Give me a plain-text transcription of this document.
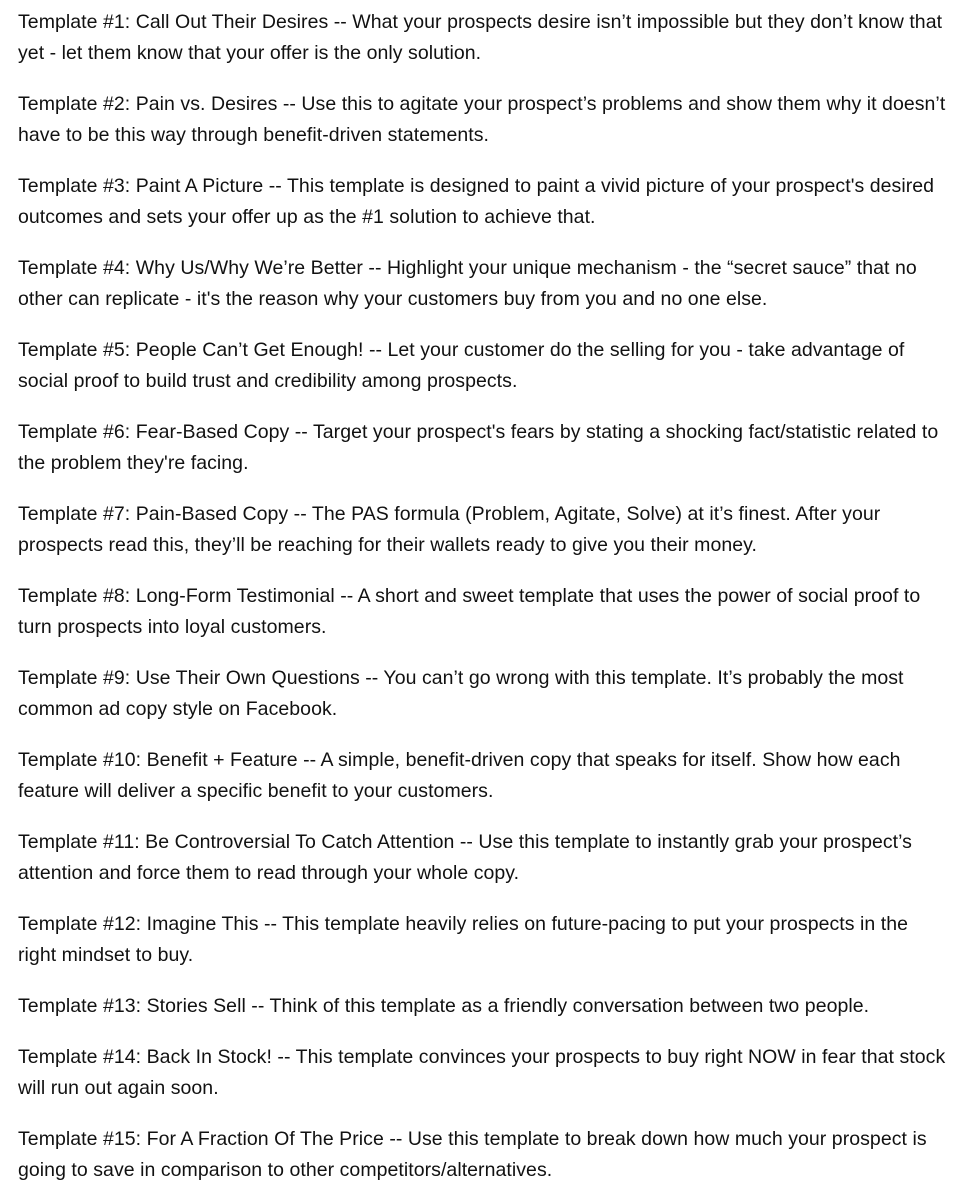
Template #1: Call Out Their Desires -- What your prospects desire isn’t impossible but they don’t know that yet - let them know that your offer is the only solution.

Template #2: Pain vs. Desires -- Use this to agitate your prospect’s problems and show them why it doesn’t have to be this way through benefit-driven statements.

Template #3: Paint A Picture -- This template is designed to paint a vivid picture of your prospect's desired outcomes and sets your offer up as the #1 solution to achieve that.

Template #4: Why Us/Why We’re Better -- Highlight your unique mechanism - the “secret sauce” that no other can replicate - it's the reason why your customers buy from you and no one else.

Template #5: People Can’t Get Enough! -- Let your customer do the selling for you - take advantage of social proof to build trust and credibility among prospects.

Template #6: Fear-Based Copy -- Target your prospect's fears by stating a shocking fact/statistic related to the problem they're facing.

Template #7: Pain-Based Copy -- The PAS formula (Problem, Agitate, Solve) at it’s finest. After your prospects read this, they’ll be reaching for their wallets ready to give you their money.

Template #8: Long-Form Testimonial -- A short and sweet template that uses the power of social proof to turn prospects into loyal customers.

Template #9: Use Their Own Questions -- You can’t go wrong with this template. It’s probably the most common ad copy style on Facebook.

Template #10: Benefit + Feature -- A simple, benefit-driven copy that speaks for itself. Show how each feature will deliver a specific benefit to your customers.

Template #11: Be Controversial To Catch Attention -- Use this template to instantly grab your prospect’s attention and force them to read through your whole copy.

Template #12: Imagine This -- This template heavily relies on future-pacing to put your prospects in the right mindset to buy.

Template #13: Stories Sell -- Think of this template as a friendly conversation between two people.

Template #14: Back In Stock! -- This template convinces your prospects to buy right NOW in fear that stock will run out again soon.

Template #15: For A Fraction Of The Price -- Use this template to break down how much your prospect is going to save in comparison to other competitors/alternatives.
